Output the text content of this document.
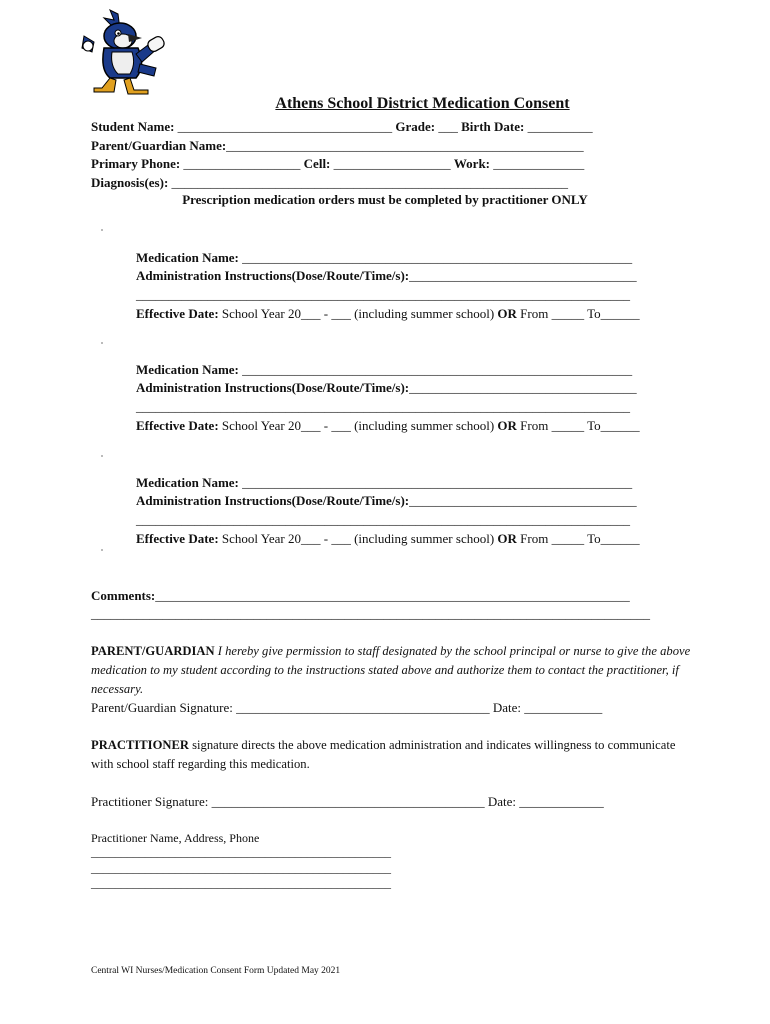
Athens School District Medication Consent
Student Name: _________________________________ Grade: ___ Birth Date: __________
Parent/Guardian Name:_______________________________________________________
Primary Phone: __________________ Cell: __________________ Work: ______________
Diagnosis(es): _____________________________________________________________
Prescription medication orders must be completed by practitioner ONLY
Medication Name: ____________________________________________________________
Administration Instructions(Dose/Route/Time/s):___________________________________
____________________________________________________________________________
Effective Date: School Year 20___ - ___ (including summer school) OR From _____ To______
Medication Name: ____________________________________________________________
Administration Instructions(Dose/Route/Time/s):___________________________________
____________________________________________________________________________
Effective Date: School Year 20___ - ___ (including summer school) OR From _____ To______
Medication Name: ____________________________________________________________
Administration Instructions(Dose/Route/Time/s):___________________________________
____________________________________________________________________________
Effective Date: School Year 20___ - ___ (including summer school) OR From _____ To______
Comments:_________________________________________________________________________
______________________________________________________________________________________
PARENT/GUARDIAN I hereby give permission to staff designated by the school principal or nurse to give the above medication to my student according to the instructions stated above and authorize them to contact the practitioner, if necessary.
Parent/Guardian Signature: _______________________________________ Date: ____________
PRACTITIONER signature directs the above medication administration and indicates willingness to communicate with school staff regarding this medication.
Practitioner Signature: __________________________________________ Date: _____________
Practitioner Name, Address, Phone
__________________________________________________
__________________________________________________
__________________________________________________
Central WI Nurses/Medication Consent Form Updated May 2021
